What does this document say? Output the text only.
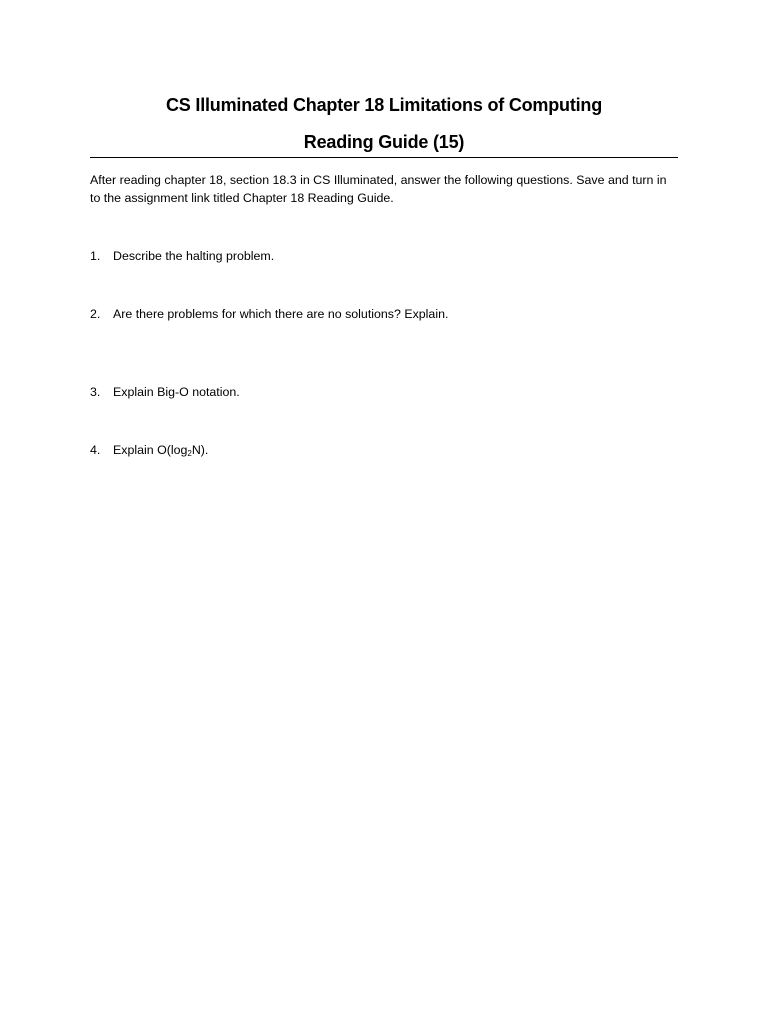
CS Illuminated Chapter 18 Limitations of Computing
Reading Guide (15)
After reading chapter 18, section 18.3 in CS Illuminated, answer the following questions. Save and turn in to the assignment link titled Chapter 18 Reading Guide.
1. Describe the halting problem.
2. Are there problems for which there are no solutions? Explain.
3. Explain Big-O notation.
4. Explain $O(\log_2N)$.
